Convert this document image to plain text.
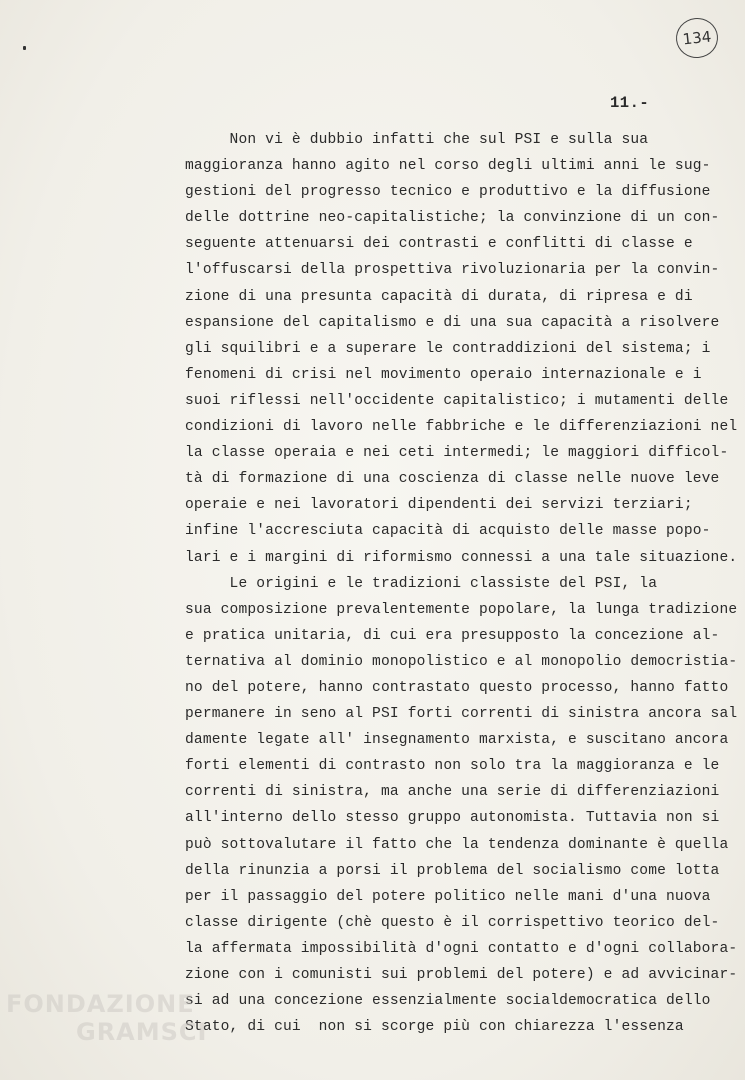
134
11.-
Non vi è dubbio infatti che sul PSI e sulla sua
maggioranza hanno agito nel corso degli ultimi anni le sug-
gestioni del progresso tecnico e produttivo e la diffusione
delle dottrine neo-capitalistiche; la convinzione di un con-
seguente attenuarsi dei contrasti e conflitti di classe e
l'offuscarsi della prospettiva rivoluzionaria per la convin-
zione di una presunta capacità di durata, di ripresa e di
espansione del capitalismo e di una sua capacità a risolvere
gli squilibri e a superare le contraddizioni del sistema; i
fenomeni di crisi nel movimento operaio internazionale e i
suoi riflessi nell'occidente capitalistico; i mutamenti delle
condizioni di lavoro nelle fabbriche e le differenziazioni nel
la classe operaia e nei ceti intermedi; le maggiori difficol-
tà di formazione di una coscienza di classe nelle nuove leve
operaie e nei lavoratori dipendenti dei servizi terziari;
infine l'accresciuta capacità di acquisto delle masse popo-
lari e i margini di riformismo connessi a una tale situazione.
Le origini e le tradizioni classiste del PSI, la
sua composizione prevalentemente popolare, la lunga tradizione
e pratica unitaria, di cui era presupposto la concezione al-
ternativa al dominio monopolistico e al monopolio democristia-
no del potere, hanno contrastato questo processo, hanno fatto
permanere in seno al PSI forti correnti di sinistra ancora sal
damente legate all' insegnamento marxista, e suscitano ancora
forti elementi di contrasto non solo tra la maggioranza e le
correnti di sinistra, ma anche una serie di differenziazioni
all'interno dello stesso gruppo autonomista. Tuttavia non si
può sottovalutare il fatto che la tendenza dominante è quella
della rinunzia a porsi il problema del socialismo come lotta
per il passaggio del potere politico nelle mani d'una nuova
classe dirigente (chè questo è il corrispettivo teorico del-
la affermata impossibilità d'ogni contatto e d'ogni collabora-
zione con i comunisti sui problemi del potere) e ad avvicinar-
si ad una concezione essenzialmente socialdemocratica dello
Stato, di cui  non si scorge più con chiarezza l'essenza
FONDAZIONE
GRAMSCI
